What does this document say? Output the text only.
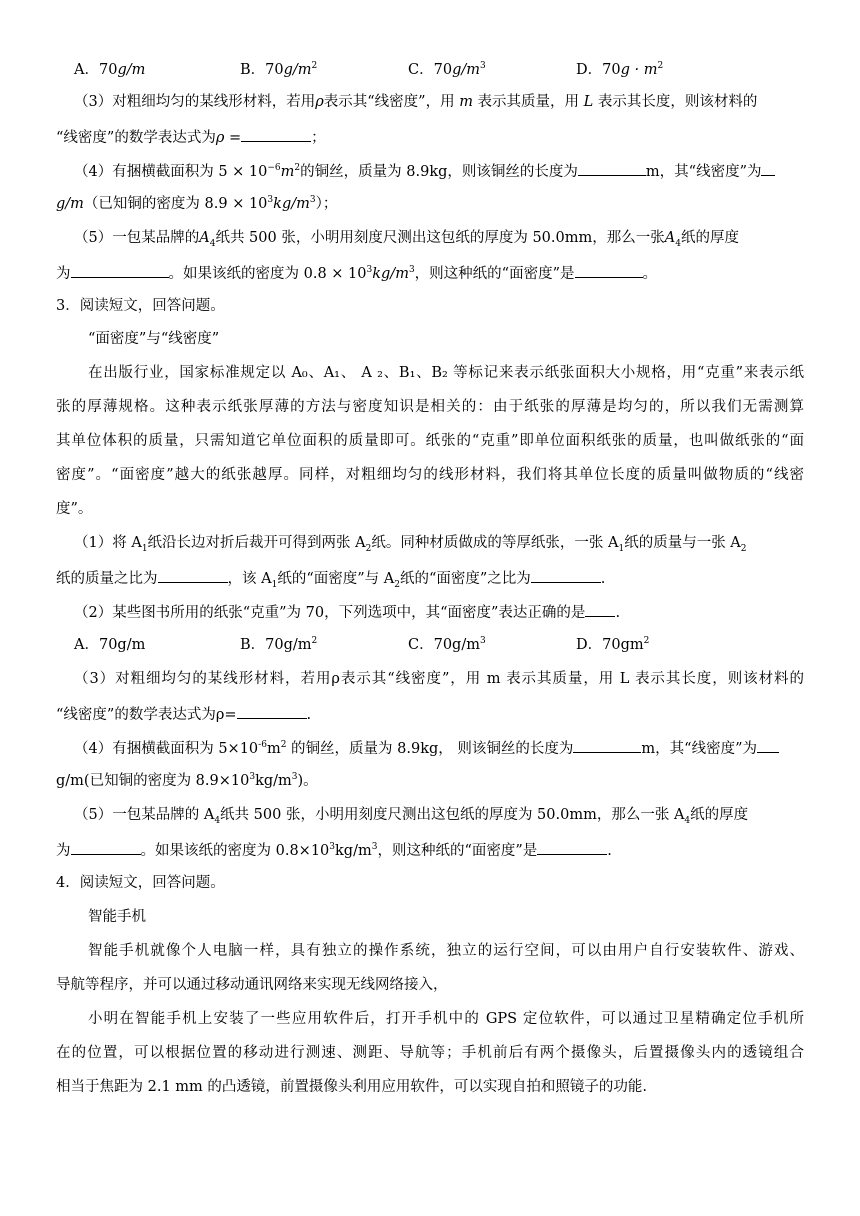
A．70g/m	B．$70g/m^2$	C．$70g/m^3$	D．$70g \cdot m^2$
（3）对粗细均匀的某线形材料，若用ρ表示其“线密度”，用 m 表示其质量，用 L 表示其长度，则该材料的
“线密度”的数学表达式为ρ =	；
（4）有捆横截面积为 $5 \times 10^{-6}m^2$的铜丝，质量为 8.9kg，则该铜丝的长度为	m，其“线密度”为
g/m（已知铜的密度为 $8.9 \times 10^3kg/m^3$）；
（5）一包某品牌的$A_4$纸共 500 张，小明用刻度尺测出这包纸的厚度为 50.0mm，那么一张$A_4$纸的厚度
为	。如果该纸的密度为 $0.8 \times 10^3kg/m^3$，则这种纸的“面密度”是	。
3．阅读短文，回答问题。
“面密度”与“线密度”
在出版行业，国家标准规定以 A₀、A₁、 A ₂、B₁、B₂ 等标记来表示纸张面积大小规格，用“克重”来表示纸
张的厚薄规格。这种表示纸张厚薄的方法与密度知识是相关的：由于纸张的厚薄是均匀的，所以我们无需测算
其单位体积的质量，只需知道它单位面积的质量即可。纸张的“克重”即单位面积纸张的质量，也叫做纸张的“面
密度”。“面密度”越大的纸张越厚。同样，对粗细均匀的线形材料，我们将其单位长度的质量叫做物质的“线密
度”。
（1）将 $A_1$纸沿长边对折后裁开可得到两张 $A_2$纸。同种材质做成的等厚纸张，一张 $A_1$纸的质量与一张 $A_2$
纸的质量之比为	，该 $A_1$纸的“面密度”与 $A_2$纸的“面密度”之比为	.
（2）某些图书所用的纸张“克重”为 70，下列选项中，其“面密度”表达正确的是 .
A．70g/m	B．$70g/m^2$	C．$70g/m^3$	D．$70gm^2$
（3）对粗细均匀的某线形材料，若用ρ表示其“线密度”，用 m 表示其质量，用 L 表示其长度，则该材料的
“线密度”的数学表达式为ρ=	.
（4）有捆横截面积为 $5\times 10^{-6}m^2$ 的铜丝，质量为 8.9kg， 则该铜丝的长度为	m，其“线密度”为
g/m(已知铜的密度为 $8.9\times 10^3kg/m^3$)。
（5）一包某品牌的 $A_4$纸共 500 张，小明用刻度尺测出这包纸的厚度为 50.0mm，那么一张 $A_4$纸的厚度
为	。如果该纸的密度为 $0.8\times 10^3kg/m^3$，则这种纸的“面密度”是	.
4．阅读短文，回答问题。
智能手机
智能手机就像个人电脑一样，具有独立的操作系统，独立的运行空间，可以由用户自行安装软件、游戏、
导航等程序，并可以通过移动通讯网络来实现无线网络接入，
小明在智能手机上安装了一些应用软件后，打开手机中的 GPS 定位软件，可以通过卫星精确定位手机所
在的位置，可以根据位置的移动进行测速、测距、导航等；手机前后有两个摄像头，后置摄像头内的透镜组合
相当于焦距为 2.1 mm 的凸透镜，前置摄像头利用应用软件，可以实现自拍和照镜子的功能.
